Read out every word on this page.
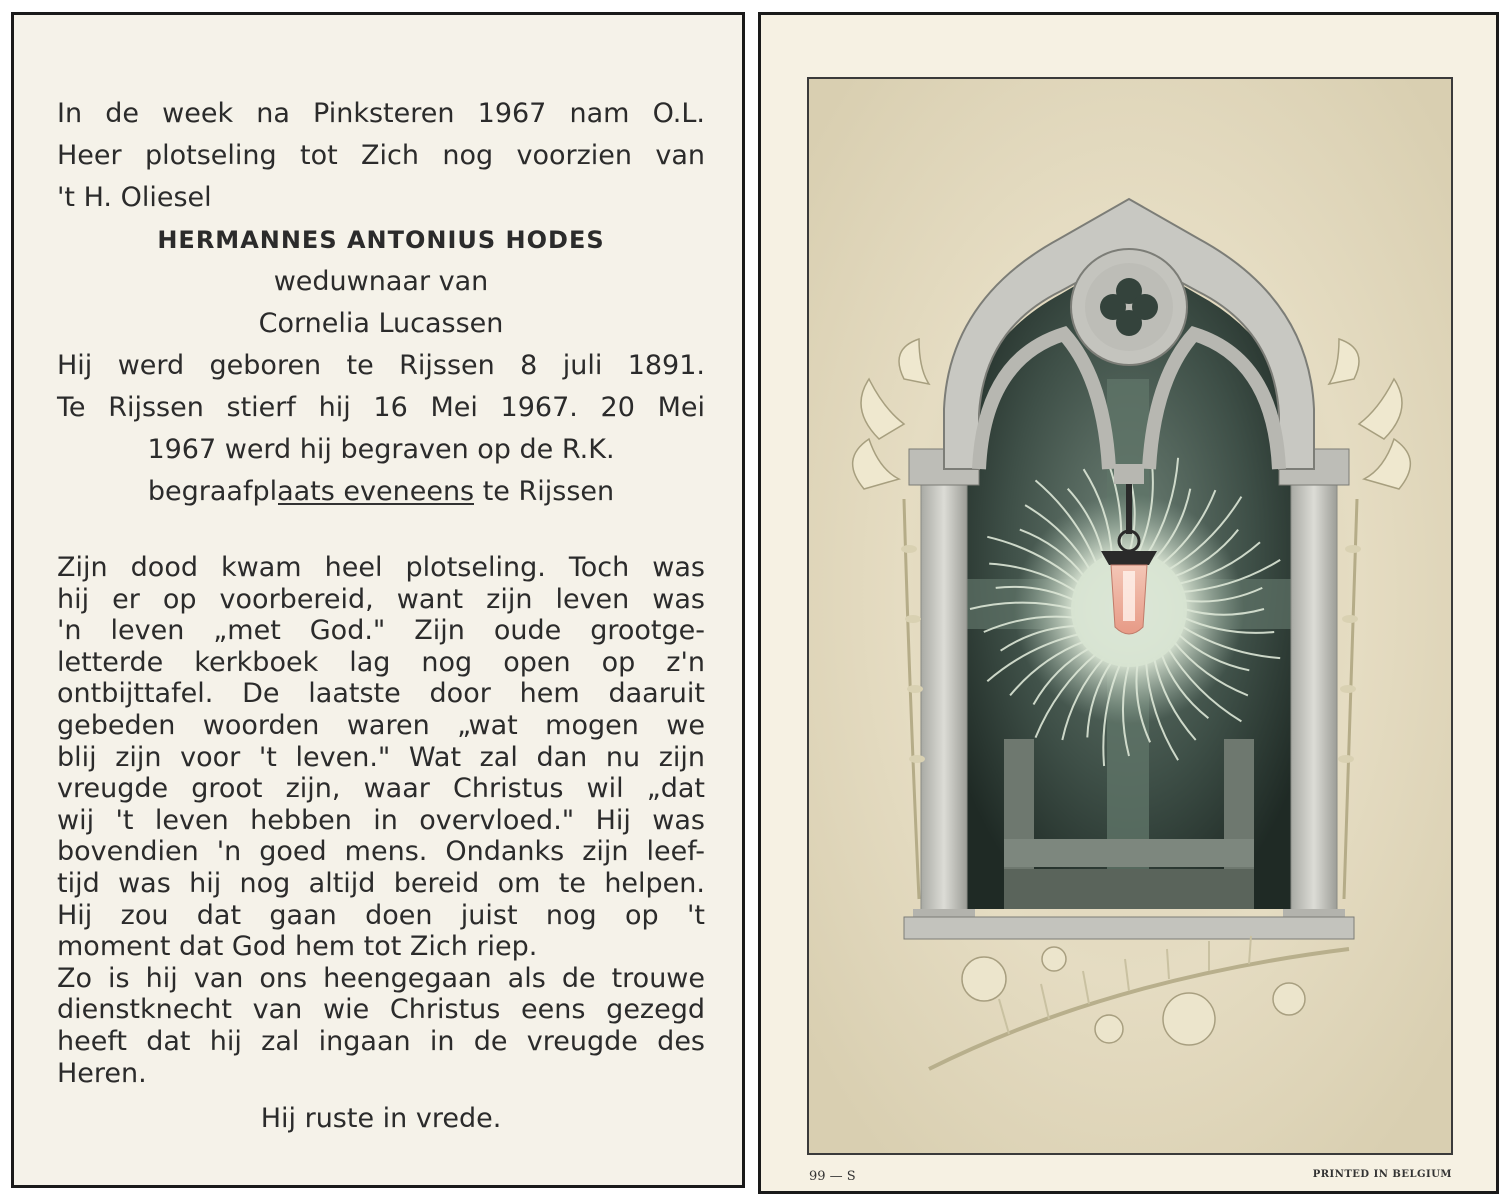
In de week na Pinksteren 1967 nam O.L.

Heer plotseling tot Zich nog voorzien van

't H. Oliesel

HERMANNES ANTONIUS HODES

weduwnaar van

Cornelia Lucassen

Hij werd geboren te Rijssen 8 juli 1891.

Te Rijssen stierf hij 16 Mei 1967. 20 Mei

1967 werd hij begraven op de R.K.

begraafplaats eveneens te Rijssen

Zijn dood kwam heel plotseling. Toch was

hij er op voorbereid, want zijn leven was

'n leven „met God." Zijn oude grootge-

letterde kerkboek lag nog open op z'n

ontbijttafel. De laatste door hem daaruit

gebeden woorden waren „wat mogen we

blij zijn voor 't leven." Wat zal dan nu zijn

vreugde groot zijn, waar Christus wil „dat

wij 't leven hebben in overvloed." Hij was

bovendien 'n goed mens. Ondanks zijn leef-

tijd was hij nog altijd bereid om te helpen.

Hij zou dat gaan doen juist nog op 't

moment dat God hem tot Zich riep.

Zo is hij van ons heengegaan als de trouwe

dienstknecht van wie Christus eens gezegd

heeft dat hij zal ingaan in de vreugde des

Heren.

Hij ruste in vrede.
99 — S	PRINTED IN BELGIUM
